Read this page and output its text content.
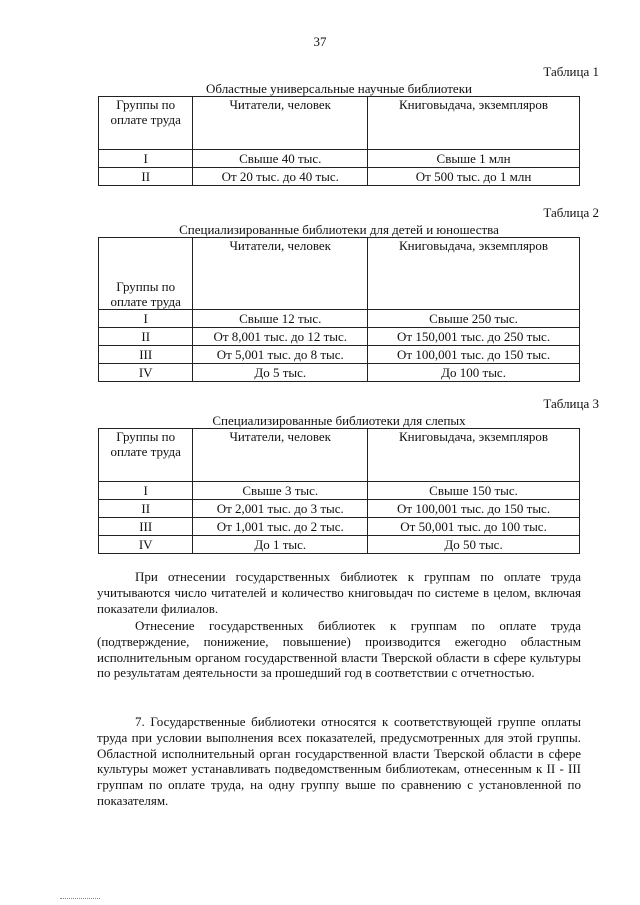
37
Таблица 1
Областные универсальные научные библиотеки
Группы по оплате труда	Читатели, человек	Книговыдача, экземпляров
I	Свыше 40 тыс.	Свыше 1 млн
II	От 20 тыс. до 40 тыс.	От 500 тыс. до 1 млн
Таблица 2
Специализированные библиотеки для детей и юношества
Группы по оплате труда	Читатели, человек	Книговыдача, экземпляров
I	Свыше 12 тыс.	Свыше 250 тыс.
II	От 8,001 тыс. до 12 тыс.	От 150,001 тыс. до 250 тыс.
III	От 5,001 тыс. до 8 тыс.	От 100,001 тыс. до 150 тыс.
IV	До 5 тыс.	До 100 тыс.
Таблица 3
Специализированные библиотеки для слепых
Группы по оплате труда	Читатели, человек	Книговыдача, экземпляров
I	Свыше 3 тыс.	Свыше 150 тыс.
II	От 2,001 тыс. до 3 тыс.	От 100,001 тыс. до 150 тыс.
III	От 1,001 тыс. до 2 тыс.	От 50,001 тыс. до 100 тыс.
IV	До 1 тыс.	До 50 тыс.

При отнесении государственных библиотек к группам по оплате труда учитываются число читателей и количество книговыдач по системе в целом, включая показатели филиалов.

Отнесение государственных библиотек к группам по оплате труда (подтверждение, понижение, повышение) производится ежегодно областным исполнительным органом государственной власти Тверской области в сфере культуры по результатам деятельности за прошедший год в соответствии с отчетностью.

7. Государственные библиотеки относятся к соответствующей группе оплаты труда при условии выполнения всех показателей, предусмотренных для этой группы. Областной исполнительный орган государственной власти Тверской области в сфере культуры может устанавливать подведомственным библиотекам, отнесенным к II - III группам по оплате труда, на одну группу выше по сравнению с установленной по показателям.
